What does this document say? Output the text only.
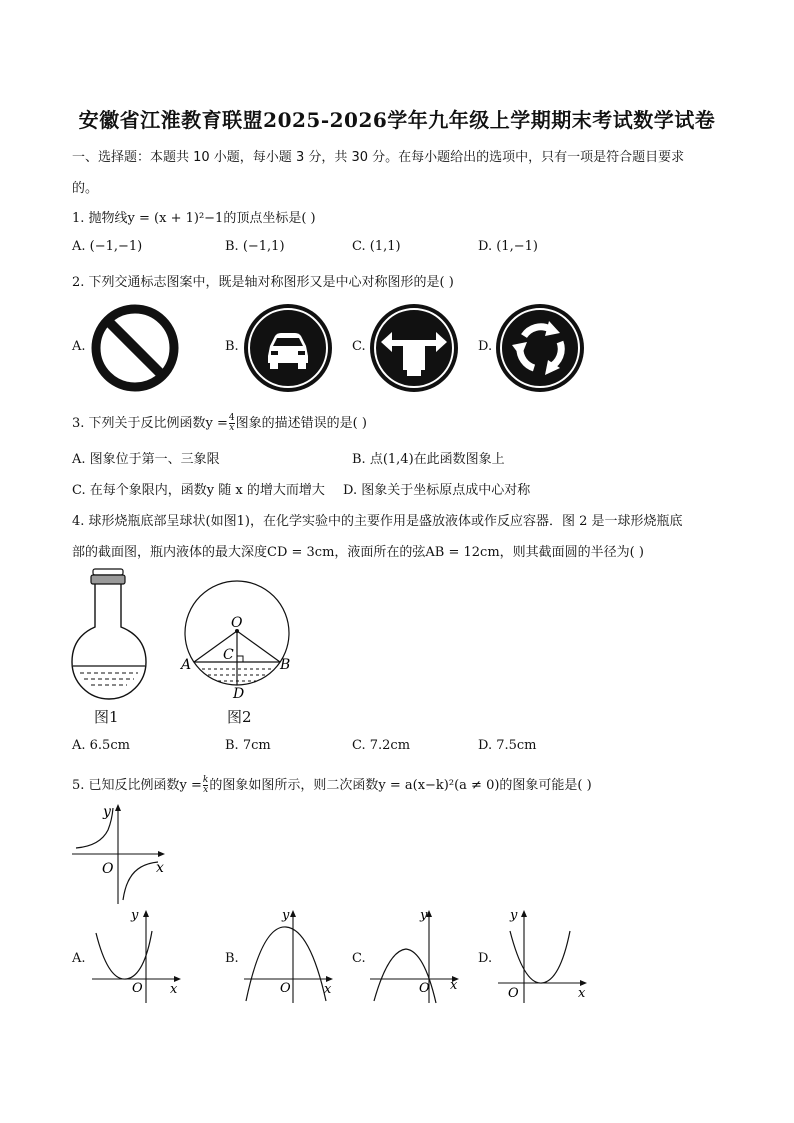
安徽省江淮教育联盟2025-2026学年九年级上学期期末考试数学试卷
一、选择题：本题共 10 小题，每小题 3 分，共 30 分。在每小题给出的选项中，只有一项是符合题目要求
的。
1. 抛物线y = (x + 1)²−1的顶点坐标是( )
A. (−1,−1)	B. (−1,1)	C. (1,1)	D. (1,−1)
2. 下列交通标志图案中，既是轴对称图形又是中心对称图形的是( )
A.	B.	C.	D.
3. 下列关于反比例函数$y = \frac{4}{x}$ 图象的描述错误的是( )
A. 图象位于第一、三象限	B. 点(1,4)在此函数图象上
C. 在每个象限内，函数y 随 x 的增大而增大 D. 图象关于坐标原点成中心对称
4. 球形烧瓶底部呈球状(如图1)，在化学实验中的主要作用是盛放液体或作反应容器．图 2 是一球形烧瓶底
部的截面图，瓶内液体的最大深度CD = 3cm，液面所在的弦AB = 12cm，则其截面圆的半径为( )
图1
O
A	B
C
D
图2
A. 6.5cm	B. 7cm	C. 7.2cm	D. 7.5cm
5. 已知反比例函数$y = \frac{k}{x}$ 的图象如图所示，则二次函数y = a(x−k)²(a ≠ 0)的图象可能是( )
y
O	x
A.
y
O x
B.
y
O	x
C.
y
O x
D.
y
O	x
